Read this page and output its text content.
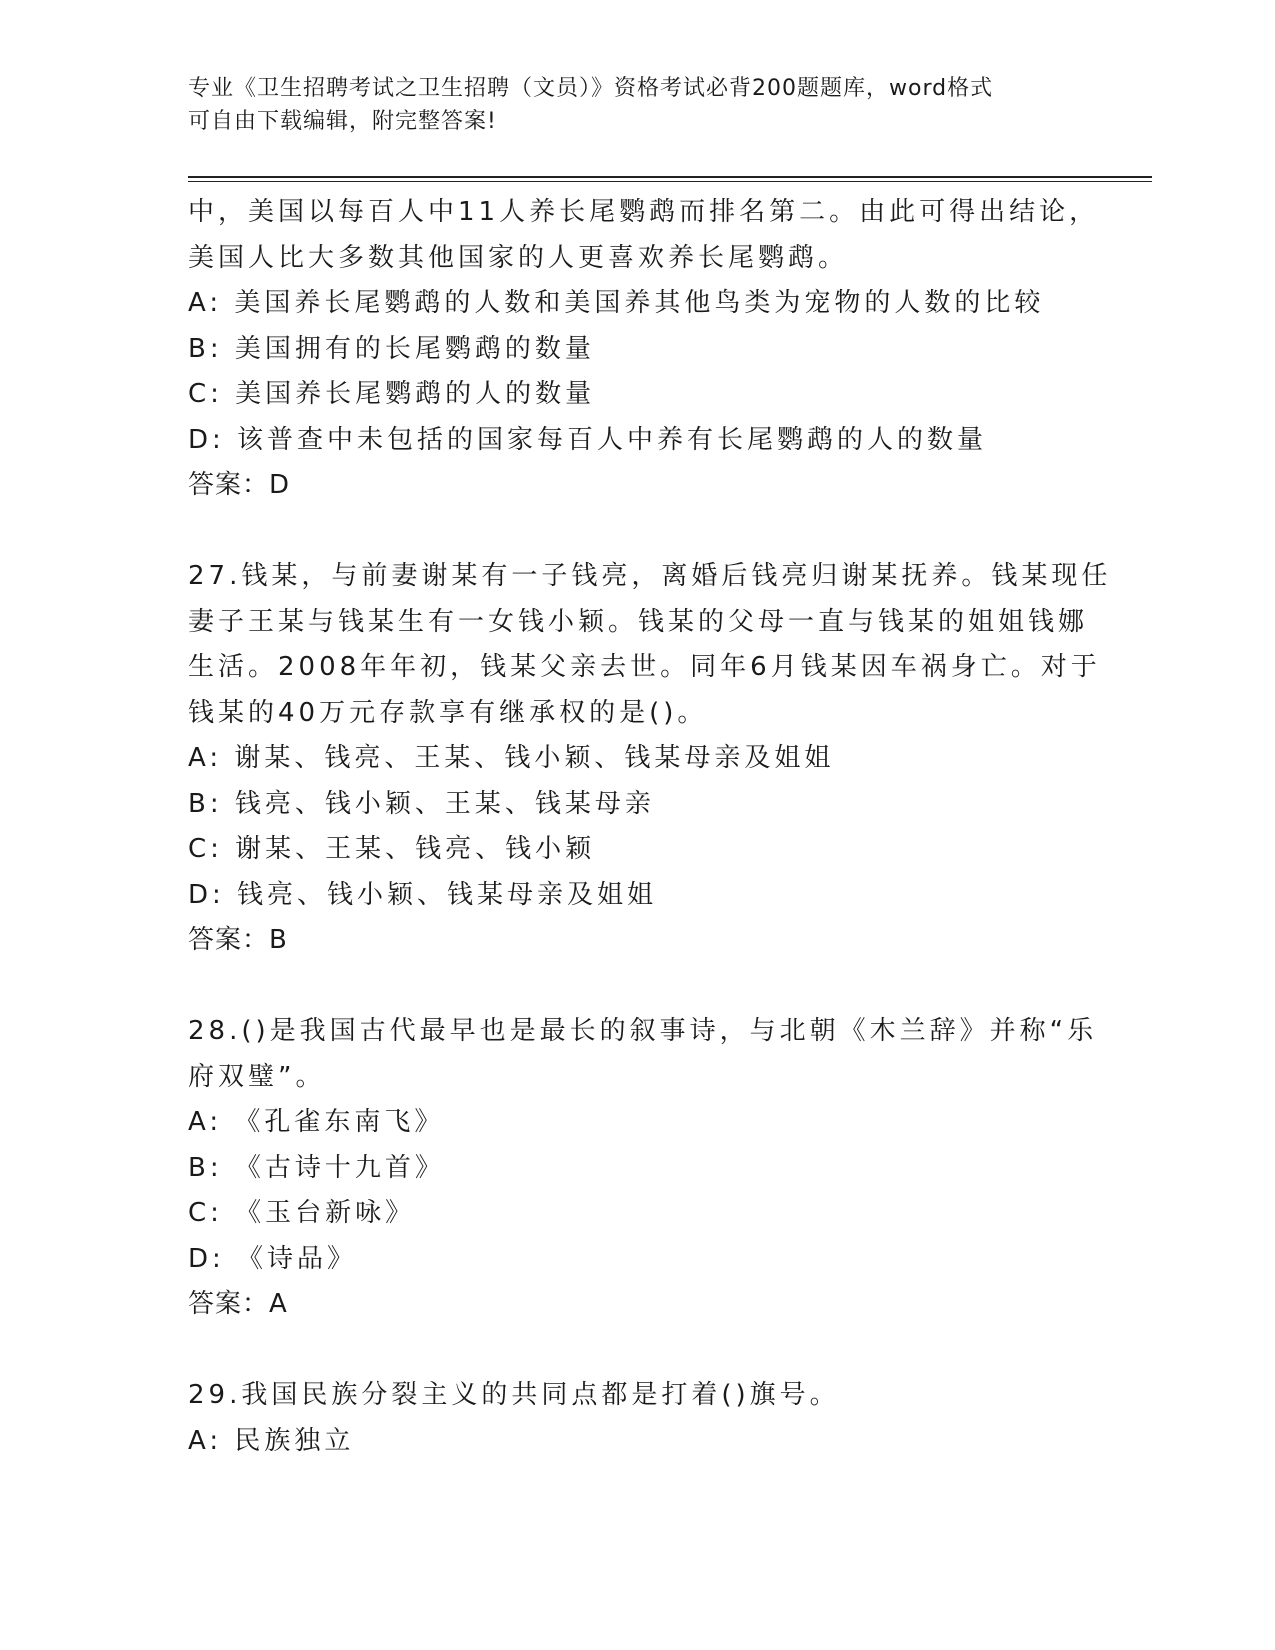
专业《卫生招聘考试之卫生招聘（文员）》资格考试必背200题题库，word格式
可自由下载编辑，附完整答案!
中，美国以每百人中11人养长尾鹦鹉而排名第二。由此可得出结论，
美国人比大多数其他国家的人更喜欢养长尾鹦鹉。
A: 美国养长尾鹦鹉的人数和美国养其他鸟类为宠物的人数的比较
B: 美国拥有的长尾鹦鹉的数量
C: 美国养长尾鹦鹉的人的数量
D: 该普查中未包括的国家每百人中养有长尾鹦鹉的人的数量
答案：D
27.钱某，与前妻谢某有一子钱亮，离婚后钱亮归谢某抚养。钱某现任
妻子王某与钱某生有一女钱小颖。钱某的父母一直与钱某的姐姐钱娜
生活。2008年年初，钱某父亲去世。同年6月钱某因车祸身亡。对于
钱某的40万元存款享有继承权的是()。
A: 谢某、钱亮、王某、钱小颖、钱某母亲及姐姐
B: 钱亮、钱小颖、王某、钱某母亲
C: 谢某、王某、钱亮、钱小颖
D: 钱亮、钱小颖、钱某母亲及姐姐
答案：B
28.()是我国古代最早也是最长的叙事诗，与北朝《木兰辞》并称“乐
府双璧”。
A: 《孔雀东南飞》
B: 《古诗十九首》
C: 《玉台新咏》
D: 《诗品》
答案：A
29.我国民族分裂主义的共同点都是打着()旗号。
A: 民族独立
